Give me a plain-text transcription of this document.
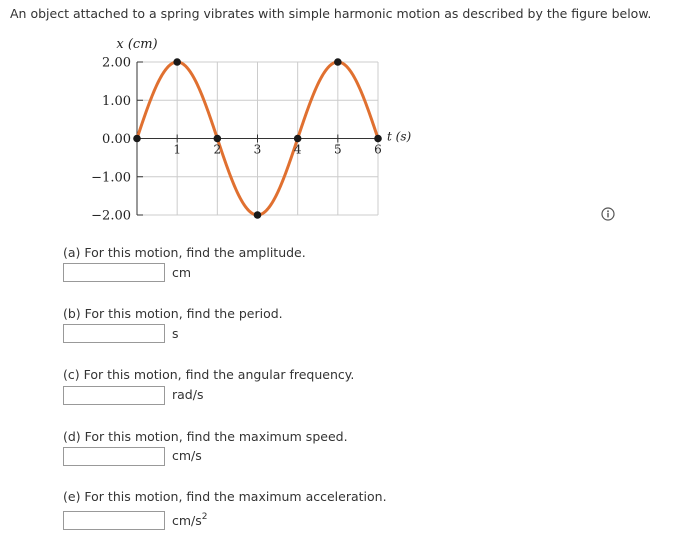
An object attached to a spring vibrates with simple harmonic motion as described by the figure below.
2.00
1.00
0.00
−1.00
−2.00
1	2	3	4	5	6
x (cm)
t (s)
(a) For this motion, find the amplitude.
cm
(b) For this motion, find the period.
s
(c) For this motion, find the angular frequency.
rad/s
(d) For this motion, find the maximum speed.
cm/s
(e) For this motion, find the maximum acceleration.
$cm/s^2$
